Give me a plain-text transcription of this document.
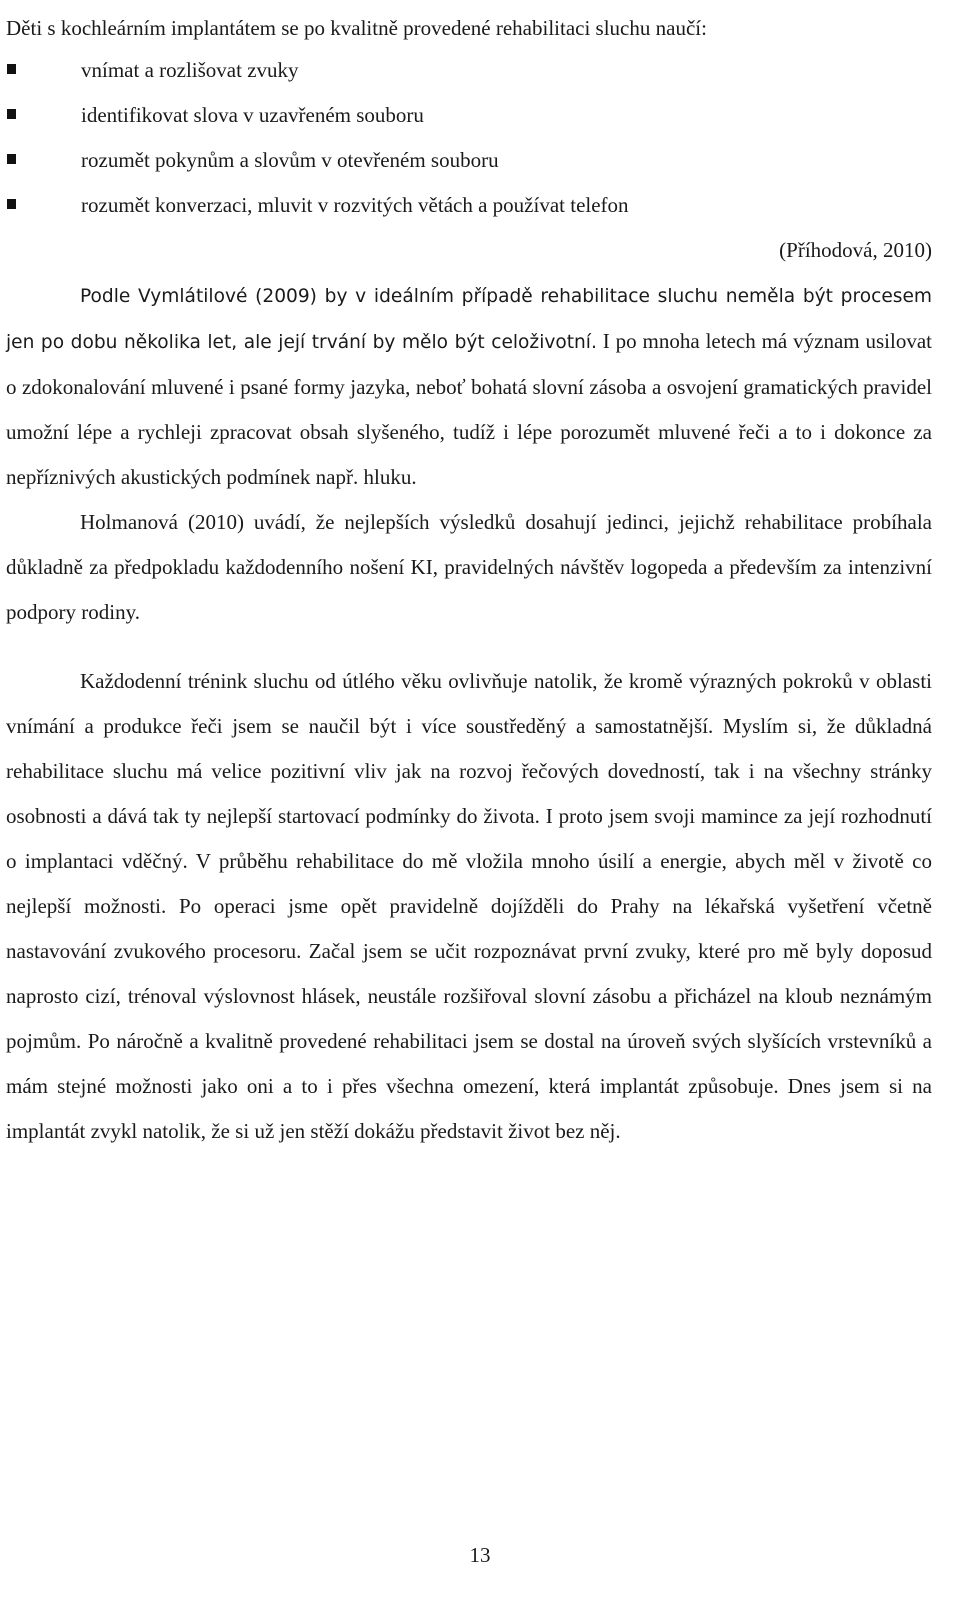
Děti s kochleárním implantátem se po kvalitně provedené rehabilitaci sluchu naučí:

vnímat a rozlišovat zvuky
identifikovat slova v uzavřeném souboru
rozumět pokynům a slovům v otevřeném souboru
rozumět konverzaci, mluvit v rozvitých větách a používat telefon

(Příhodová, 2010)

Podle Vymlátilové (2009) by v ideálním případě rehabilitace sluchu neměla být procesem jen po dobu několika let, ale její trvání by mělo být celoživotní. I po mnoha letech má význam usilovat o zdokonalování mluvené i psané formy jazyka, neboť bohatá slovní zásoba a osvojení gramatických pravidel umožní lépe a rychleji zpracovat obsah slyšeného, tudíž i lépe porozumět mluvené řeči a to i dokonce za nepříznivých akustických podmínek např. hluku.

Holmanová (2010) uvádí, že nejlepších výsledků dosahují jedinci, jejichž rehabilitace probíhala důkladně za předpokladu každodenního nošení KI, pravidelných návštěv logopeda a především za intenzivní podpory rodiny.

Každodenní trénink sluchu od útlého věku ovlivňuje natolik, že kromě výrazných pokroků v oblasti vnímání a produkce řeči jsem se naučil být i více soustředěný a samostatnější. Myslím si, že důkladná rehabilitace sluchu má velice pozitivní vliv jak na rozvoj řečových dovedností, tak i na všechny stránky osobnosti a dává tak ty nejlepší startovací podmínky do života. I proto jsem svoji mamince za její rozhodnutí o implantaci vděčný. V průběhu rehabilitace do mě vložila mnoho úsilí a energie, abych měl v životě co nejlepší možnosti. Po operaci jsme opět pravidelně dojížděli do Prahy na lékařská vyšetření včetně nastavování zvukového procesoru. Začal jsem se učit rozpoznávat první zvuky, které pro mě byly doposud naprosto cizí, trénoval výslovnost hlásek, neustále rozšiřoval slovní zásobu a přicházel na kloub neznámým pojmům. Po náročně a kvalitně provedené rehabilitaci jsem se dostal na úroveň svých slyšících vrstevníků a mám stejné možnosti jako oni a to i přes všechna omezení, která implantát způsobuje. Dnes jsem si na implantát zvykl natolik, že si už jen stěží dokážu představit život bez něj.

13
